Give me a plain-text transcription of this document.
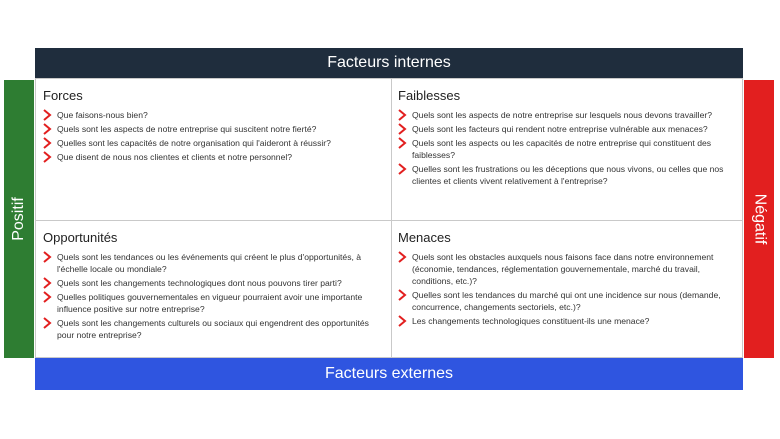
Facteurs internes
Positif	Négatif
Forces
Que faisons-nous bien?
Quels sont les aspects de notre entreprise qui suscitent notre fierté?
Quelles sont les capacités de notre organisation qui l'aideront à réussir?
Que disent de nous nos clientes et clients et notre personnel?
Faiblesses
Quels sont les aspects de notre entreprise sur lesquels nous devons travailler?
Quels sont les facteurs qui rendent notre entreprise vulnérable aux menaces?
Quels sont les aspects ou les capacités de notre entreprise qui constituent des faiblesses?
Quelles sont les frustrations ou les déceptions que nous vivons, ou celles que nos clientes et clients vivent relativement à l'entreprise?
Opportunités
Quels sont les tendances ou les événements qui créent le plus d'opportunités, à l'échelle locale ou mondiale?
Quels sont les changements technologiques dont nous pouvons tirer parti?
Quelles politiques gouvernementales en vigueur pourraient avoir une importante influence positive sur notre entreprise?
Quels sont les changements culturels ou sociaux qui engendrent des opportunités pour notre entreprise?
Menaces
Quels sont les obstacles auxquels nous faisons face dans notre environnement (économie, tendances, réglementation gouvernementale, marché du travail, conditions, etc.)?
Quelles sont les tendances du marché qui ont une incidence sur nous (demande, concurrence, changements sectoriels, etc.)?
Les changements technologiques constituent-ils une menace?
Facteurs externes
